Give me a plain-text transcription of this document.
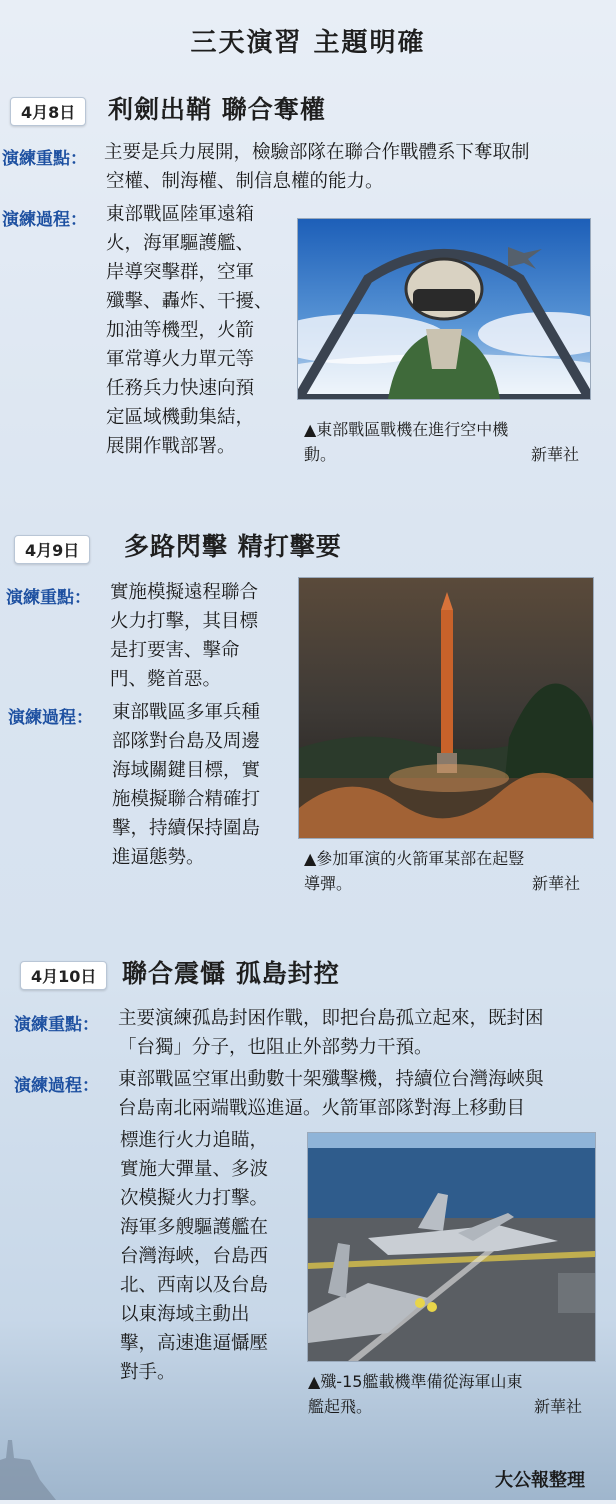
三天演習 主題明確
4月8日	利劍出鞘 聯合奪權
演練重點： 主要是兵力展開，檢驗部隊在聯合作戰體系下奪取制
空權、制海權、制信息權的能力。
演練過程： 東部戰區陸軍遠箱
火，海軍驅護艦、
岸導突擊群，空軍
殲擊、轟炸、干擾、
加油等機型，火箭
軍常導火力單元等
任務兵力快速向預
定區域機動集結，
展開作戰部署。
▲東部戰區戰機在進行空中機
動。	新華社
4月9日	多路閃擊 精打擊要
演練重點： 實施模擬遠程聯合
火力打擊，其目標
是打要害、擊命
門、斃首惡。
演練過程： 東部戰區多軍兵種
部隊對台島及周邊
海域關鍵目標，實
施模擬聯合精確打
擊，持續保持圍島
進逼態勢。	▲參加軍演的火箭軍某部在起豎
導彈。	新華社
4月10日	聯合震懾 孤島封控
演練重點： 主要演練孤島封困作戰，即把台島孤立起來，既封困
「台獨」分子，也阻止外部勢力干預。
演練過程： 東部戰區空軍出動數十架殲擊機，持續位台灣海峽與
台島南北兩端戰巡進逼。火箭軍部隊對海上移動目
標進行火力追瞄，
實施大彈量、多波
次模擬火力打擊。
海軍多艘驅護艦在
台灣海峽，台島西
北、西南以及台島
以東海域主動出
擊，高速進逼懾壓
對手。	▲殲-15艦載機準備從海軍山東
艦起飛。	新華社
大公報整理
